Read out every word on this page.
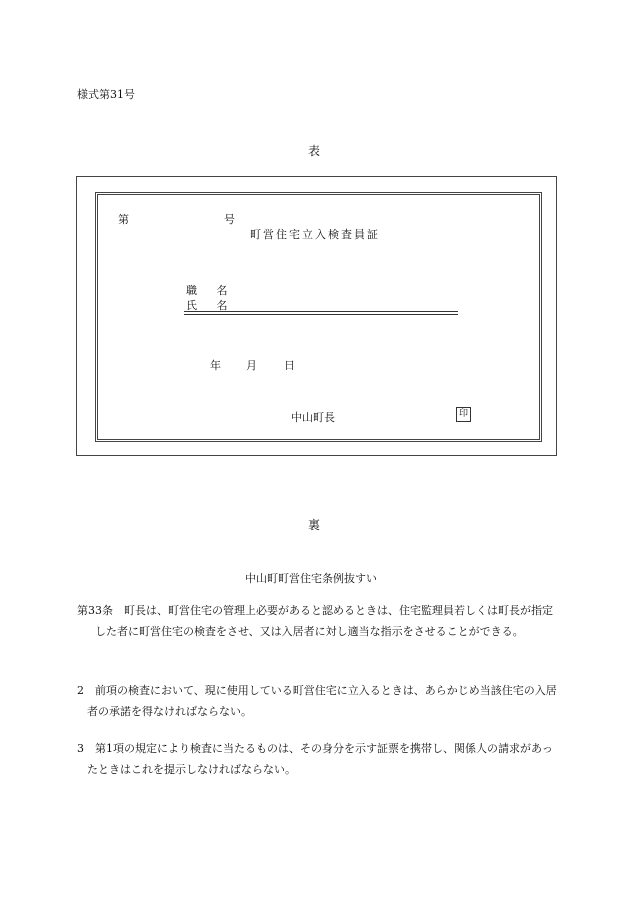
様式第31号
表
第	号
町営住宅立入検査員証
職 名
氏 名
年 月 日
中山町長	印
裏
中山町町営住宅条例抜すい

第33条　町長は、町営住宅の管理上必要があると認めるときは、住宅監理員若しくは町長が指定した者に町営住宅の検査をさせ、又は入居者に対し適当な指示をさせることができる。

2　前項の検査において、現に使用している町営住宅に立入るときは、あらかじめ当該住宅の入居者の承諾を得なければならない。

3　第1項の規定により検査に当たるものは、その身分を示す証票を携帯し、関係人の請求があったときはこれを提示しなければならない。
